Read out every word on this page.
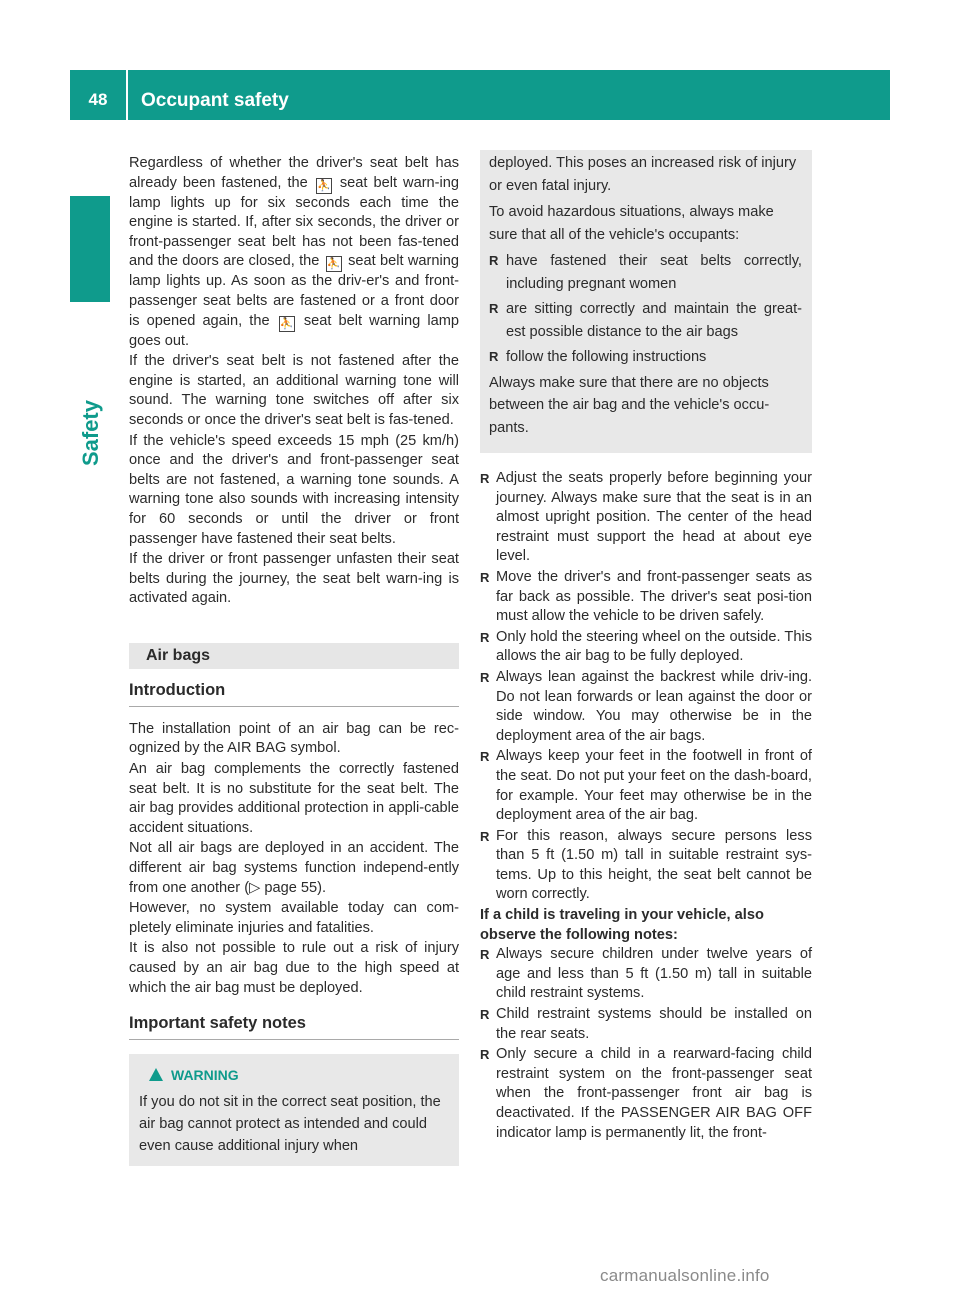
48	Occupant safety
Safety

Regardless of whether the driver's seat belt has already been fastened, the ⛹ seat belt warn-ing lamp lights up for six seconds each time the engine is started. If, after six seconds, the driver or front-passenger seat belt has not been fas-tened and the doors are closed, the ⛹ seat belt warning lamp lights up. As soon as the driv-er's and front-passenger seat belts are fastened or a front door is opened again, the ⛹ seat belt warning lamp goes out.

If the driver's seat belt is not fastened after the engine is started, an additional warning tone will sound. The warning tone switches off after six seconds or once the driver's seat belt is fas-tened.

If the vehicle's speed exceeds 15 mph (25 km/h) once and the driver's and front-passenger seat belts are not fastened, a warning tone sounds. A warning tone also sounds with increasing intensity for 60 seconds or until the driver or front passenger have fastened their seat belts.

If the driver or front passenger unfasten their seat belts during the journey, the seat belt warn-ing is activated again.

Air bags
Introduction

The installation point of an air bag can be rec-ognized by the AIR BAG symbol.

An air bag complements the correctly fastened seat belt. It is no substitute for the seat belt. The air bag provides additional protection in appli-cable accident situations.

Not all air bags are deployed in an accident. The different air bag systems function independ-ently from one another (▷ page 55).

However, no system available today can com-pletely eliminate injuries and fatalities.

It is also not possible to rule out a risk of injury caused by an air bag due to the high speed at which the air bag must be deployed.

Important safety notes
WARNING

If you do not sit in the correct seat position, the air bag cannot protect as intended and could even cause additional injury when

deployed. This poses an increased risk of injury or even fatal injury.

To avoid hazardous situations, always make sure that all of the vehicle's occupants:

R have fastened their seat belts correctly, including pregnant women
R are sitting correctly and maintain the great-est possible distance to the air bags
R follow the following instructions

Always make sure that there are no objects between the air bag and the vehicle's occu-pants.

R Adjust the seats properly before beginning your journey. Always make sure that the seat is in an almost upright position. The center of the head restraint must support the head at about eye level.
R Move the driver's and front-passenger seats as far back as possible. The driver's seat posi-tion must allow the vehicle to be driven safely.
R Only hold the steering wheel on the outside. This allows the air bag to be fully deployed.
R Always lean against the backrest while driv-ing. Do not lean forwards or lean against the door or side window. You may otherwise be in the deployment area of the air bags.
R Always keep your feet in the footwell in front of the seat. Do not put your feet on the dash-board, for example. Your feet may otherwise be in the deployment area of the air bag.
R For this reason, always secure persons less than 5 ft (1.50 m) tall in suitable restraint sys-tems. Up to this height, the seat belt cannot be worn correctly.

If a child is traveling in your vehicle, also observe the following notes:

R Always secure children under twelve years of age and less than 5 ft (1.50 m) tall in suitable child restraint systems.
R Child restraint systems should be installed on the rear seats.
R Only secure a child in a rearward-facing child restraint system on the front-passenger seat when the front-passenger front air bag is deactivated. If the PASSENGER AIR BAG OFF indicator lamp is permanently lit, the front-
carmanualsonline.info
